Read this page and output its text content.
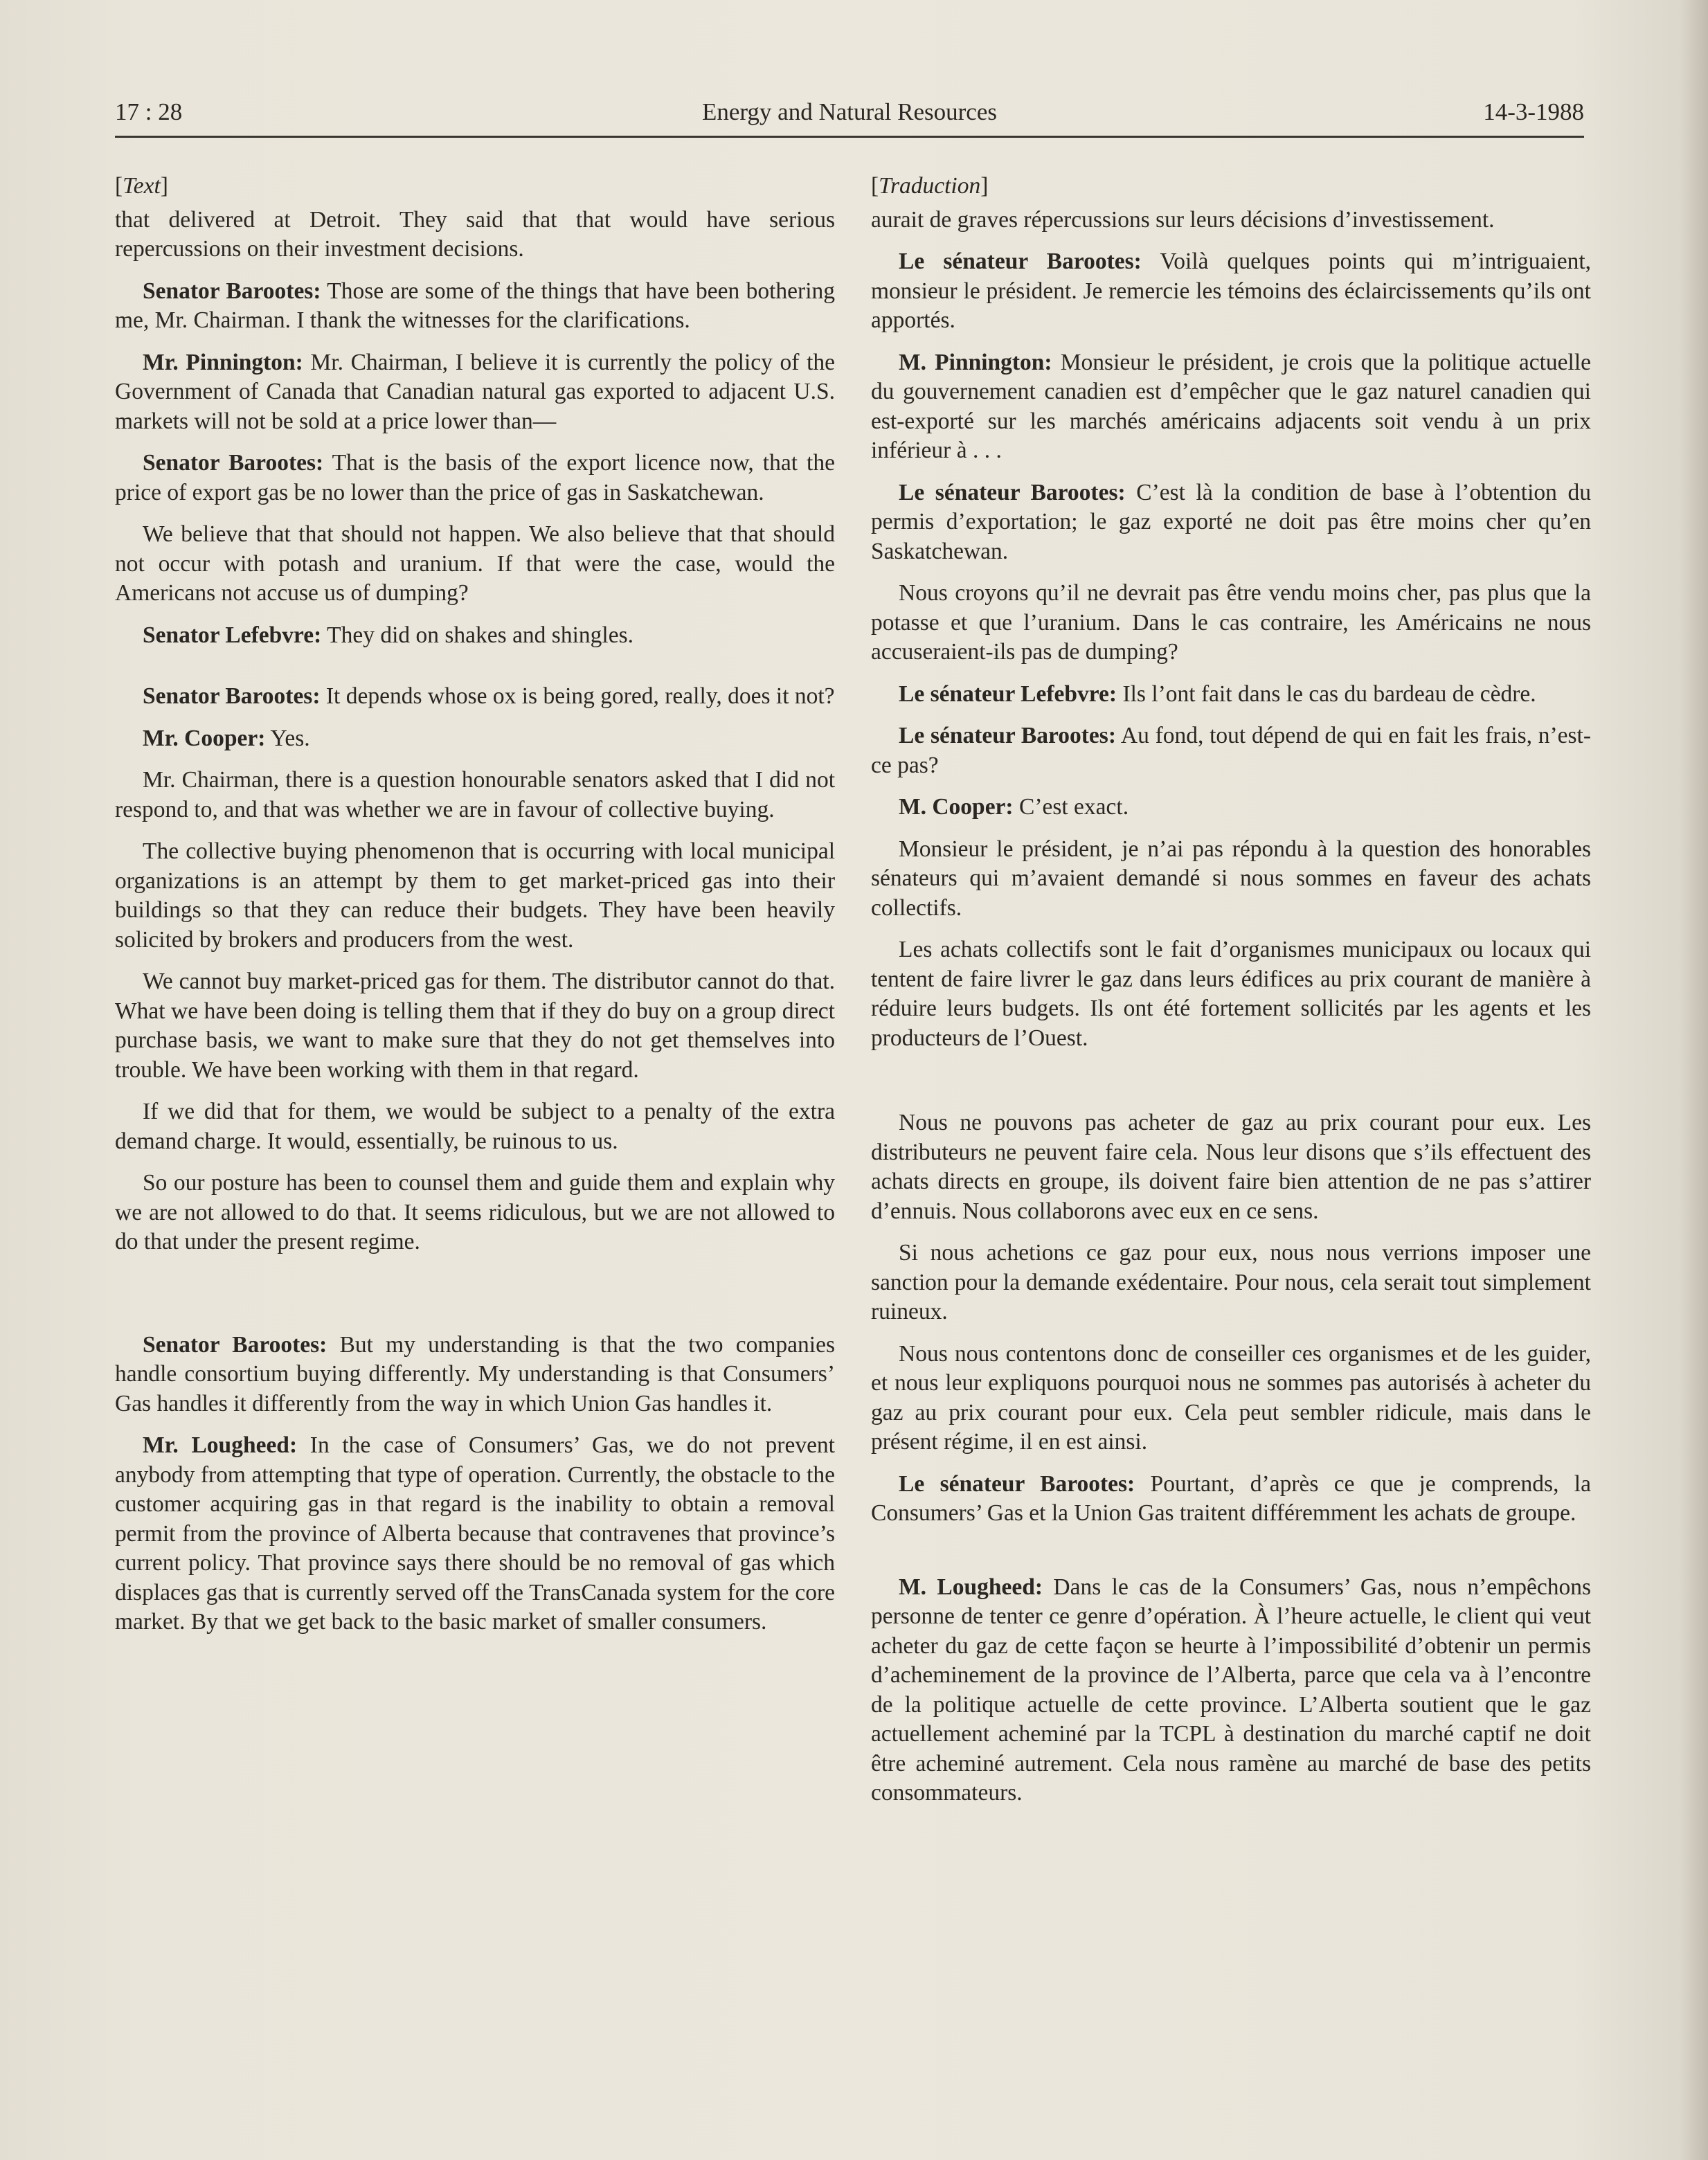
17 : 28	Energy and Natural Resources	14-3-1988

[Text]

that delivered at Detroit. They said that that would have serious repercussions on their investment decisions.

Senator Barootes: Those are some of the things that have been bothering me, Mr. Chairman. I thank the witnesses for the clarifications.

Mr. Pinnington: Mr. Chairman, I believe it is currently the policy of the Government of Canada that Canadian natural gas exported to adjacent U.S. markets will not be sold at a price lower than—

Senator Barootes: That is the basis of the export licence now, that the price of export gas be no lower than the price of gas in Saskatchewan.

We believe that that should not happen. We also believe that that should not occur with potash and uranium. If that were the case, would the Americans not accuse us of dumping?

Senator Lefebvre: They did on shakes and shingles.

Senator Barootes: It depends whose ox is being gored, really, does it not?

Mr. Cooper: Yes.

Mr. Chairman, there is a question honourable senators asked that I did not respond to, and that was whether we are in favour of collective buying.

The collective buying phenomenon that is occurring with local municipal organizations is an attempt by them to get market-priced gas into their buildings so that they can reduce their budgets. They have been heavily solicited by brokers and producers from the west.

We cannot buy market-priced gas for them. The distributor cannot do that. What we have been doing is telling them that if they do buy on a group direct purchase basis, we want to make sure that they do not get themselves into trouble. We have been working with them in that regard.

If we did that for them, we would be subject to a penalty of the extra demand charge. It would, essentially, be ruinous to us.

So our posture has been to counsel them and guide them and explain why we are not allowed to do that. It seems ridiculous, but we are not allowed to do that under the present regime.

Senator Barootes: But my understanding is that the two companies handle consortium buying differently. My understanding is that Consumers’ Gas handles it differently from the way in which Union Gas handles it.

Mr. Lougheed: In the case of Consumers’ Gas, we do not prevent anybody from attempting that type of operation. Currently, the obstacle to the customer acquiring gas in that regard is the inability to obtain a removal permit from the province of Alberta because that contravenes that province’s current policy. That province says there should be no removal of gas which displaces gas that is currently served off the TransCanada system for the core market. By that we get back to the basic market of smaller consumers.

[Traduction]

aurait de graves répercussions sur leurs décisions d’investissement.

Le sénateur Barootes: Voilà quelques points qui m’intriguaient, monsieur le président. Je remercie les témoins des éclaircissements qu’ils ont apportés.

M. Pinnington: Monsieur le président, je crois que la politique actuelle du gouvernement canadien est d’empêcher que le gaz naturel canadien qui est-exporté sur les marchés américains adjacents soit vendu à un prix inférieur à . . .

Le sénateur Barootes: C’est là la condition de base à l’obtention du permis d’exportation; le gaz exporté ne doit pas être moins cher qu’en Saskatchewan.

Nous croyons qu’il ne devrait pas être vendu moins cher, pas plus que la potasse et que l’uranium. Dans le cas contraire, les Américains ne nous accuseraient-ils pas de dumping?

Le sénateur Lefebvre: Ils l’ont fait dans le cas du bardeau de cèdre.

Le sénateur Barootes: Au fond, tout dépend de qui en fait les frais, n’est-ce pas?

M. Cooper: C’est exact.

Monsieur le président, je n’ai pas répondu à la question des honorables sénateurs qui m’avaient demandé si nous sommes en faveur des achats collectifs.

Les achats collectifs sont le fait d’organismes municipaux ou locaux qui tentent de faire livrer le gaz dans leurs édifices au prix courant de manière à réduire leurs budgets. Ils ont été fortement sollicités par les agents et les producteurs de l’Ouest.

Nous ne pouvons pas acheter de gaz au prix courant pour eux. Les distributeurs ne peuvent faire cela. Nous leur disons que s’ils effectuent des achats directs en groupe, ils doivent faire bien attention de ne pas s’attirer d’ennuis. Nous collaborons avec eux en ce sens.

Si nous achetions ce gaz pour eux, nous nous verrions imposer une sanction pour la demande exédentaire. Pour nous, cela serait tout simplement ruineux.

Nous nous contentons donc de conseiller ces organismes et de les guider, et nous leur expliquons pourquoi nous ne sommes pas autorisés à acheter du gaz au prix courant pour eux. Cela peut sembler ridicule, mais dans le présent régime, il en est ainsi.

Le sénateur Barootes: Pourtant, d’après ce que je comprends, la Consumers’ Gas et la Union Gas traitent différemment les achats de groupe.

M. Lougheed: Dans le cas de la Consumers’ Gas, nous n’empêchons personne de tenter ce genre d’opération. À l’heure actuelle, le client qui veut acheter du gaz de cette façon se heurte à l’impossibilité d’obtenir un permis d’acheminement de la province de l’Alberta, parce que cela va à l’encontre de la politique actuelle de cette province. L’Alberta soutient que le gaz actuellement acheminé par la TCPL à destination du marché captif ne doit être acheminé autrement. Cela nous ramène au marché de base des petits consommateurs.
